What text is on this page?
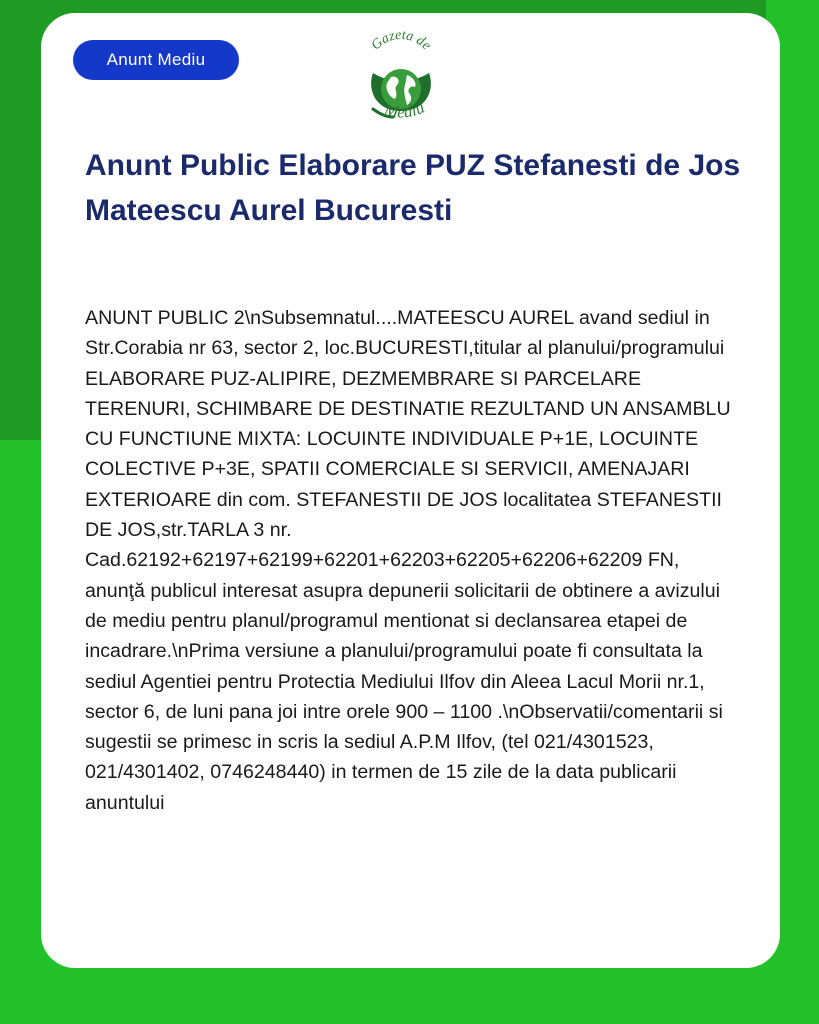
Anunt Mediu
Gazeta de
Mediu
Anunt Public Elaborare PUZ Stefanesti de Jos Mateescu Aurel Bucuresti

ANUNT PUBLIC 2\nSubsemnatul....MATEESCU AUREL avand sediul in Str.Corabia nr 63, sector 2, loc.BUCURESTI,titular al planului/programului ELABORARE PUZ-ALIPIRE, DEZMEMBRARE SI PARCELARE TERENURI, SCHIMBARE DE DESTINATIE REZULTAND UN ANSAMBLU CU FUNCTIUNE MIXTA: LOCUINTE INDIVIDUALE P+1E, LOCUINTE COLECTIVE P+3E, SPATII COMERCIALE SI SERVICII, AMENAJARI EXTERIOARE din com. STEFANESTII DE JOS localitatea STEFANESTII DE JOS,str.TARLA 3 nr. Cad.62192+62197+62199+62201+62203+62205+62206+62209 FN, anunţă publicul interesat asupra depunerii solicitarii de obtinere a avizului de mediu pentru planul/programul mentionat si declansarea etapei de incadrare.\nPrima versiune a planului/programului poate fi consultata la sediul Agentiei pentru Protectia Mediului Ilfov din Aleea Lacul Morii nr.1, sector 6, de luni pana joi intre orele 900 – 1100 .\nObservatii/comentarii si sugestii se primesc in scris la sediul A.P.M Ilfov, (tel 021/4301523, 021/4301402, 0746248440) in termen de 15 zile de la data publicarii anuntului
